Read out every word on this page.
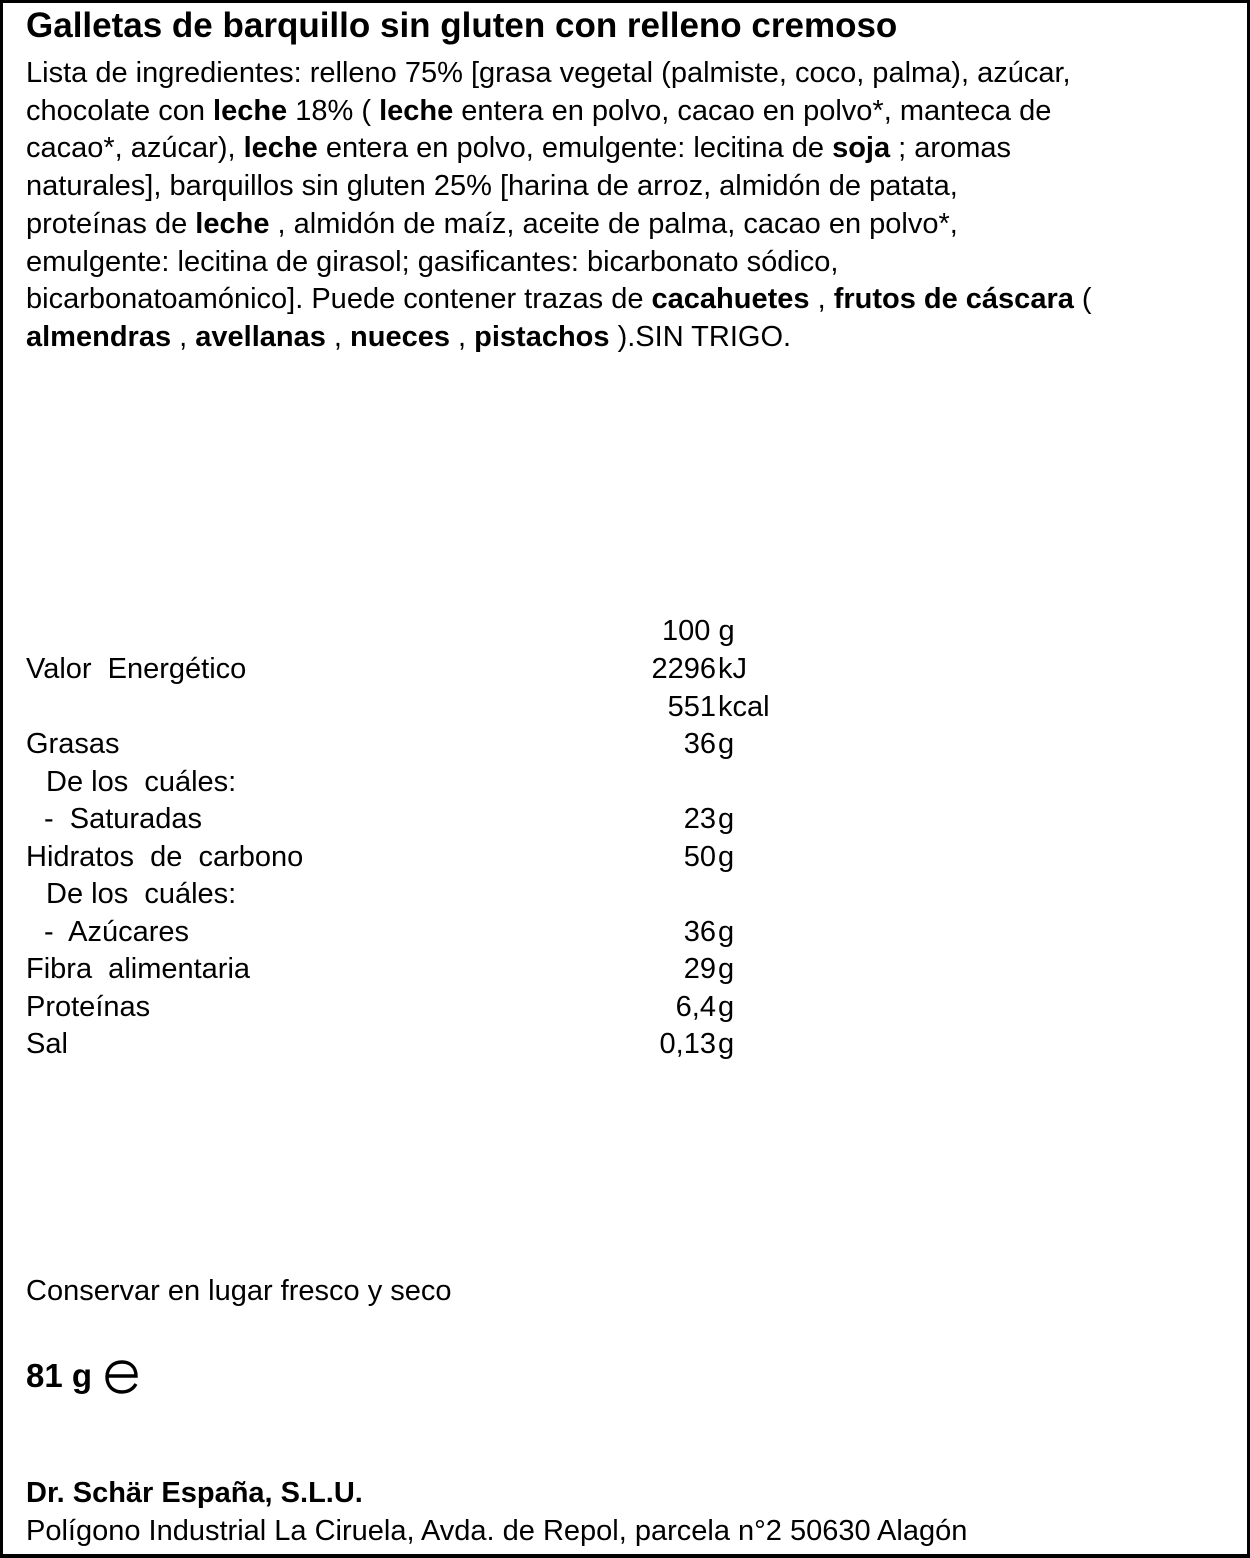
Galletas de barquillo sin gluten con relleno cremoso
Lista de ingredientes: relleno 75% [grasa vegetal (palmiste, coco, palma), azúcar,
chocolate con leche 18% ( leche entera en polvo, cacao en polvo*, manteca de
cacao*, azúcar), leche entera en polvo, emulgente: lecitina de soja ; aromas
naturales], barquillos sin gluten 25% [harina de arroz, almidón de patata,
proteínas de leche , almidón de maíz, aceite de palma, cacao en polvo*,
emulgente: lecitina de girasol; gasificantes: bicarbonato sódico,
bicarbonatoamónico]. Puede contener trazas de cacahuetes , frutos de cáscara (
almendras , avellanas , nueces , pistachos ).SIN TRIGO.
100 g
Valor  Energético	2296 kJ
551 kcal
Grasas	36 g
De los  cuáles:
-  Saturadas	23 g
Hidratos  de  carbono	50 g
De los  cuáles:
-  Azúcares	36 g
Fibra  alimentaria	29 g
Proteínas	6,4 g
Sal	0,13 g
Conservar en lugar fresco y seco
81 g
Dr. Schär España, S.L.U.
Polígono Industrial La Ciruela, Avda. de Repol, parcela n°2 50630 Alagón
